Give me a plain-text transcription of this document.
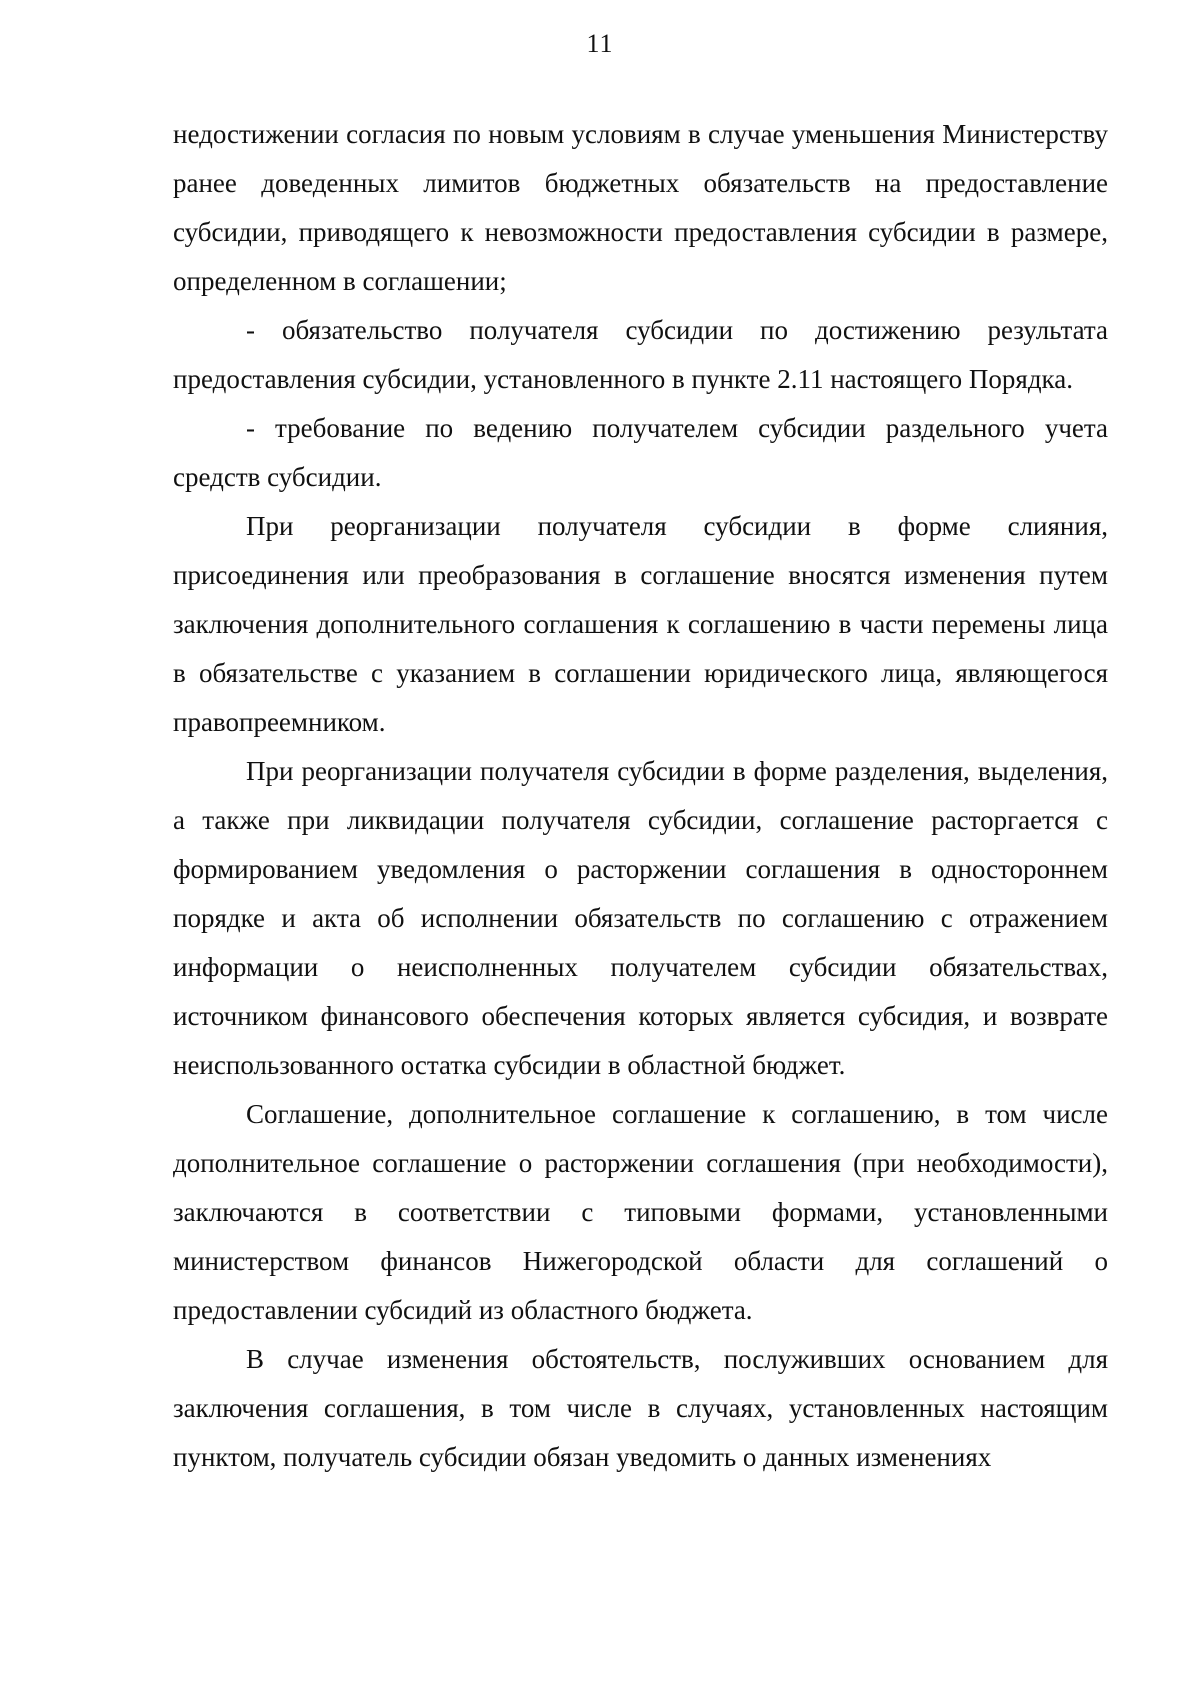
11

недостижении согласия по новым условиям в случае уменьшения Министерству ранее доведенных лимитов бюджетных обязательств на предоставление субсидии, приводящего к невозможности предоставления субсидии в размере, определенном в соглашении;

- обязательство получателя субсидии по достижению результата предоставления субсидии, установленного в пункте 2.11 настоящего Порядка.

- требование по ведению получателем субсидии раздельного учета средств субсидии.

При реорганизации получателя субсидии в форме слияния, присоединения или преобразования в соглашение вносятся изменения путем заключения дополнительного соглашения к соглашению в части перемены лица в обязательстве с указанием в соглашении юридического лица, являющегося правопреемником.

При реорганизации получателя субсидии в форме разделения, выделения, а также при ликвидации получателя субсидии, соглашение расторгается с формированием уведомления о расторжении соглашения в одностороннем порядке и акта об исполнении обязательств по соглашению с отражением информации о неисполненных получателем субсидии обязательствах, источником финансового обеспечения которых является субсидия, и возврате неиспользованного остатка субсидии в областной бюджет.

Соглашение, дополнительное соглашение к соглашению, в том числе дополнительное соглашение о расторжении соглашения (при необходимости), заключаются в соответствии с типовыми формами, установленными министерством финансов Нижегородской области для соглашений о предоставлении субсидий из областного бюджета.

В случае изменения обстоятельств, послуживших основанием для заключения соглашения, в том числе в случаях, установленных настоящим пунктом, получатель субсидии обязан уведомить о данных изменениях
